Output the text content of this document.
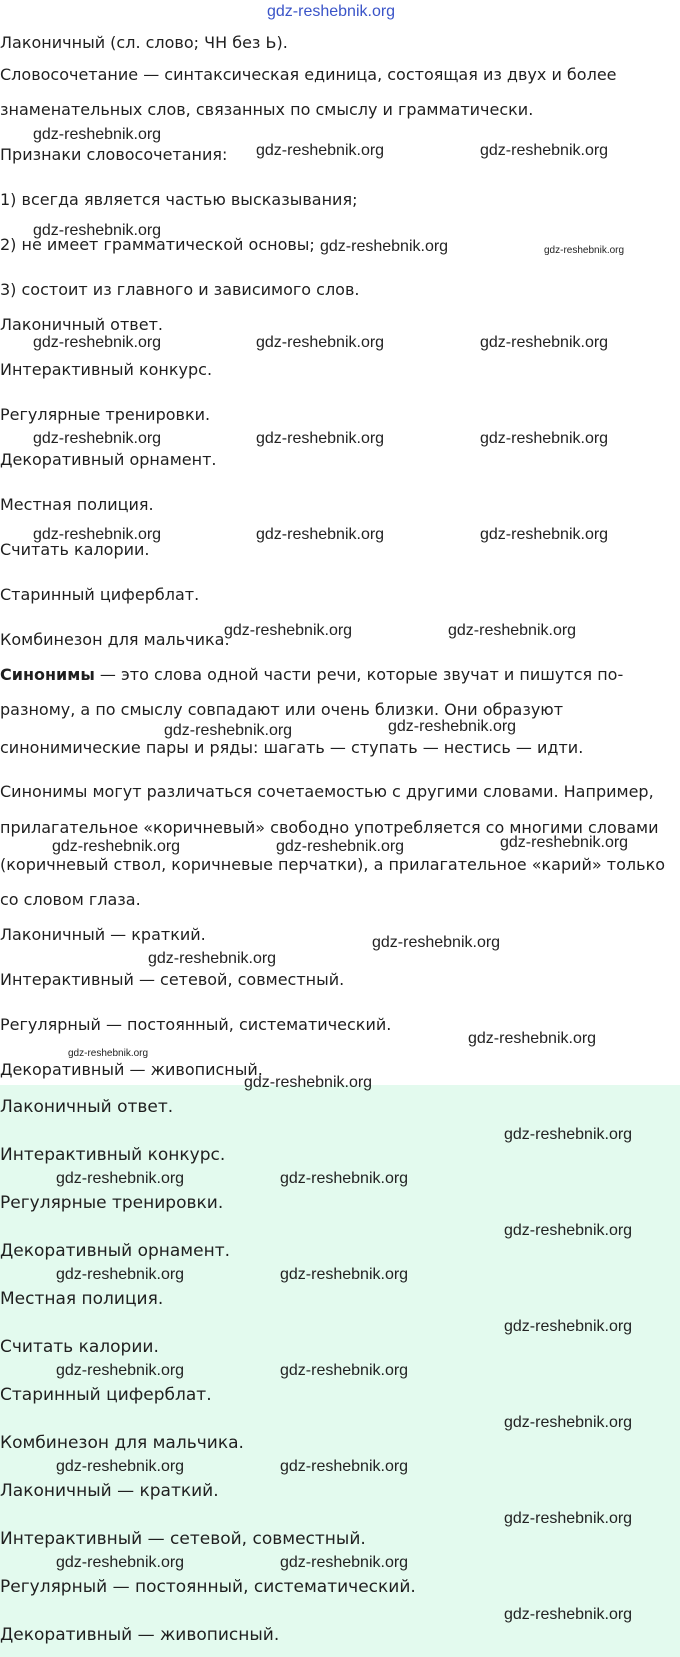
gdz-reshebnik.org
Лаконичный (сл. слово; ЧН без Ь).
Словосочетание — синтаксическая единица, состоящая из двух и более
знаменательных слов, связанных по смыслу и грамматически.
Признаки словосочетания:
1) всегда является частью высказывания;
2) не имеет грамматической основы;
3) состоит из главного и зависимого слов.
Лаконичный ответ.
Интерактивный конкурс.
Регулярные тренировки.
Декоративный орнамент.
Местная полиция.
Считать калории.
Старинный циферблат.
Комбинезон для мальчика.
Синонимы — это слова одной части речи, которые звучат и пишутся по-
разному, а по смыслу совпадают или очень близки. Они образуют
синонимические пары и ряды: шагать — ступать — нестись — идти.
Синонимы могут различаться сочетаемостью с другими словами. Например,
прилагательное «коричневый» свободно употребляется со многими словами
(коричневый ствол, коричневые перчатки), а прилагательное «карий» только
со словом глаза.
Лаконичный — краткий.
Интерактивный — сетевой, совместный.
Регулярный — постоянный, систематический.
Декоративный — живописный.
Лаконичный ответ.
Интерактивный конкурс.
Регулярные тренировки.
Декоративный орнамент.
Местная полиция.
Считать калории.
Старинный циферблат.
Комбинезон для мальчика.
Лаконичный — краткий.
Интерактивный — сетевой, совместный.
Регулярный — постоянный, систематический.
Декоративный — живописный.
gdz-reshebnik.org
gdz-reshebnik.org	gdz-reshebnik.org
gdz-reshebnik.org
gdz-reshebnik.org	gdz-reshebnik.org
gdz-reshebnik.org	gdz-reshebnik.org	gdz-reshebnik.org
gdz-reshebnik.org	gdz-reshebnik.org	gdz-reshebnik.org
gdz-reshebnik.org	gdz-reshebnik.org	gdz-reshebnik.org
gdz-reshebnik.org	gdz-reshebnik.org
gdz-reshebnik.org	gdz-reshebnik.org
gdz-reshebnik.org	gdz-reshebnik.org	gdz-reshebnik.org
gdz-reshebnik.org
gdz-reshebnik.org
gdz-reshebnik.org
gdz-reshebnik.org
gdz-reshebnik.org
gdz-reshebnik.org
gdz-reshebnik.org	gdz-reshebnik.org
gdz-reshebnik.org
gdz-reshebnik.org	gdz-reshebnik.org
gdz-reshebnik.org
gdz-reshebnik.org	gdz-reshebnik.org
gdz-reshebnik.org
gdz-reshebnik.org	gdz-reshebnik.org
gdz-reshebnik.org
gdz-reshebnik.org	gdz-reshebnik.org
gdz-reshebnik.org
